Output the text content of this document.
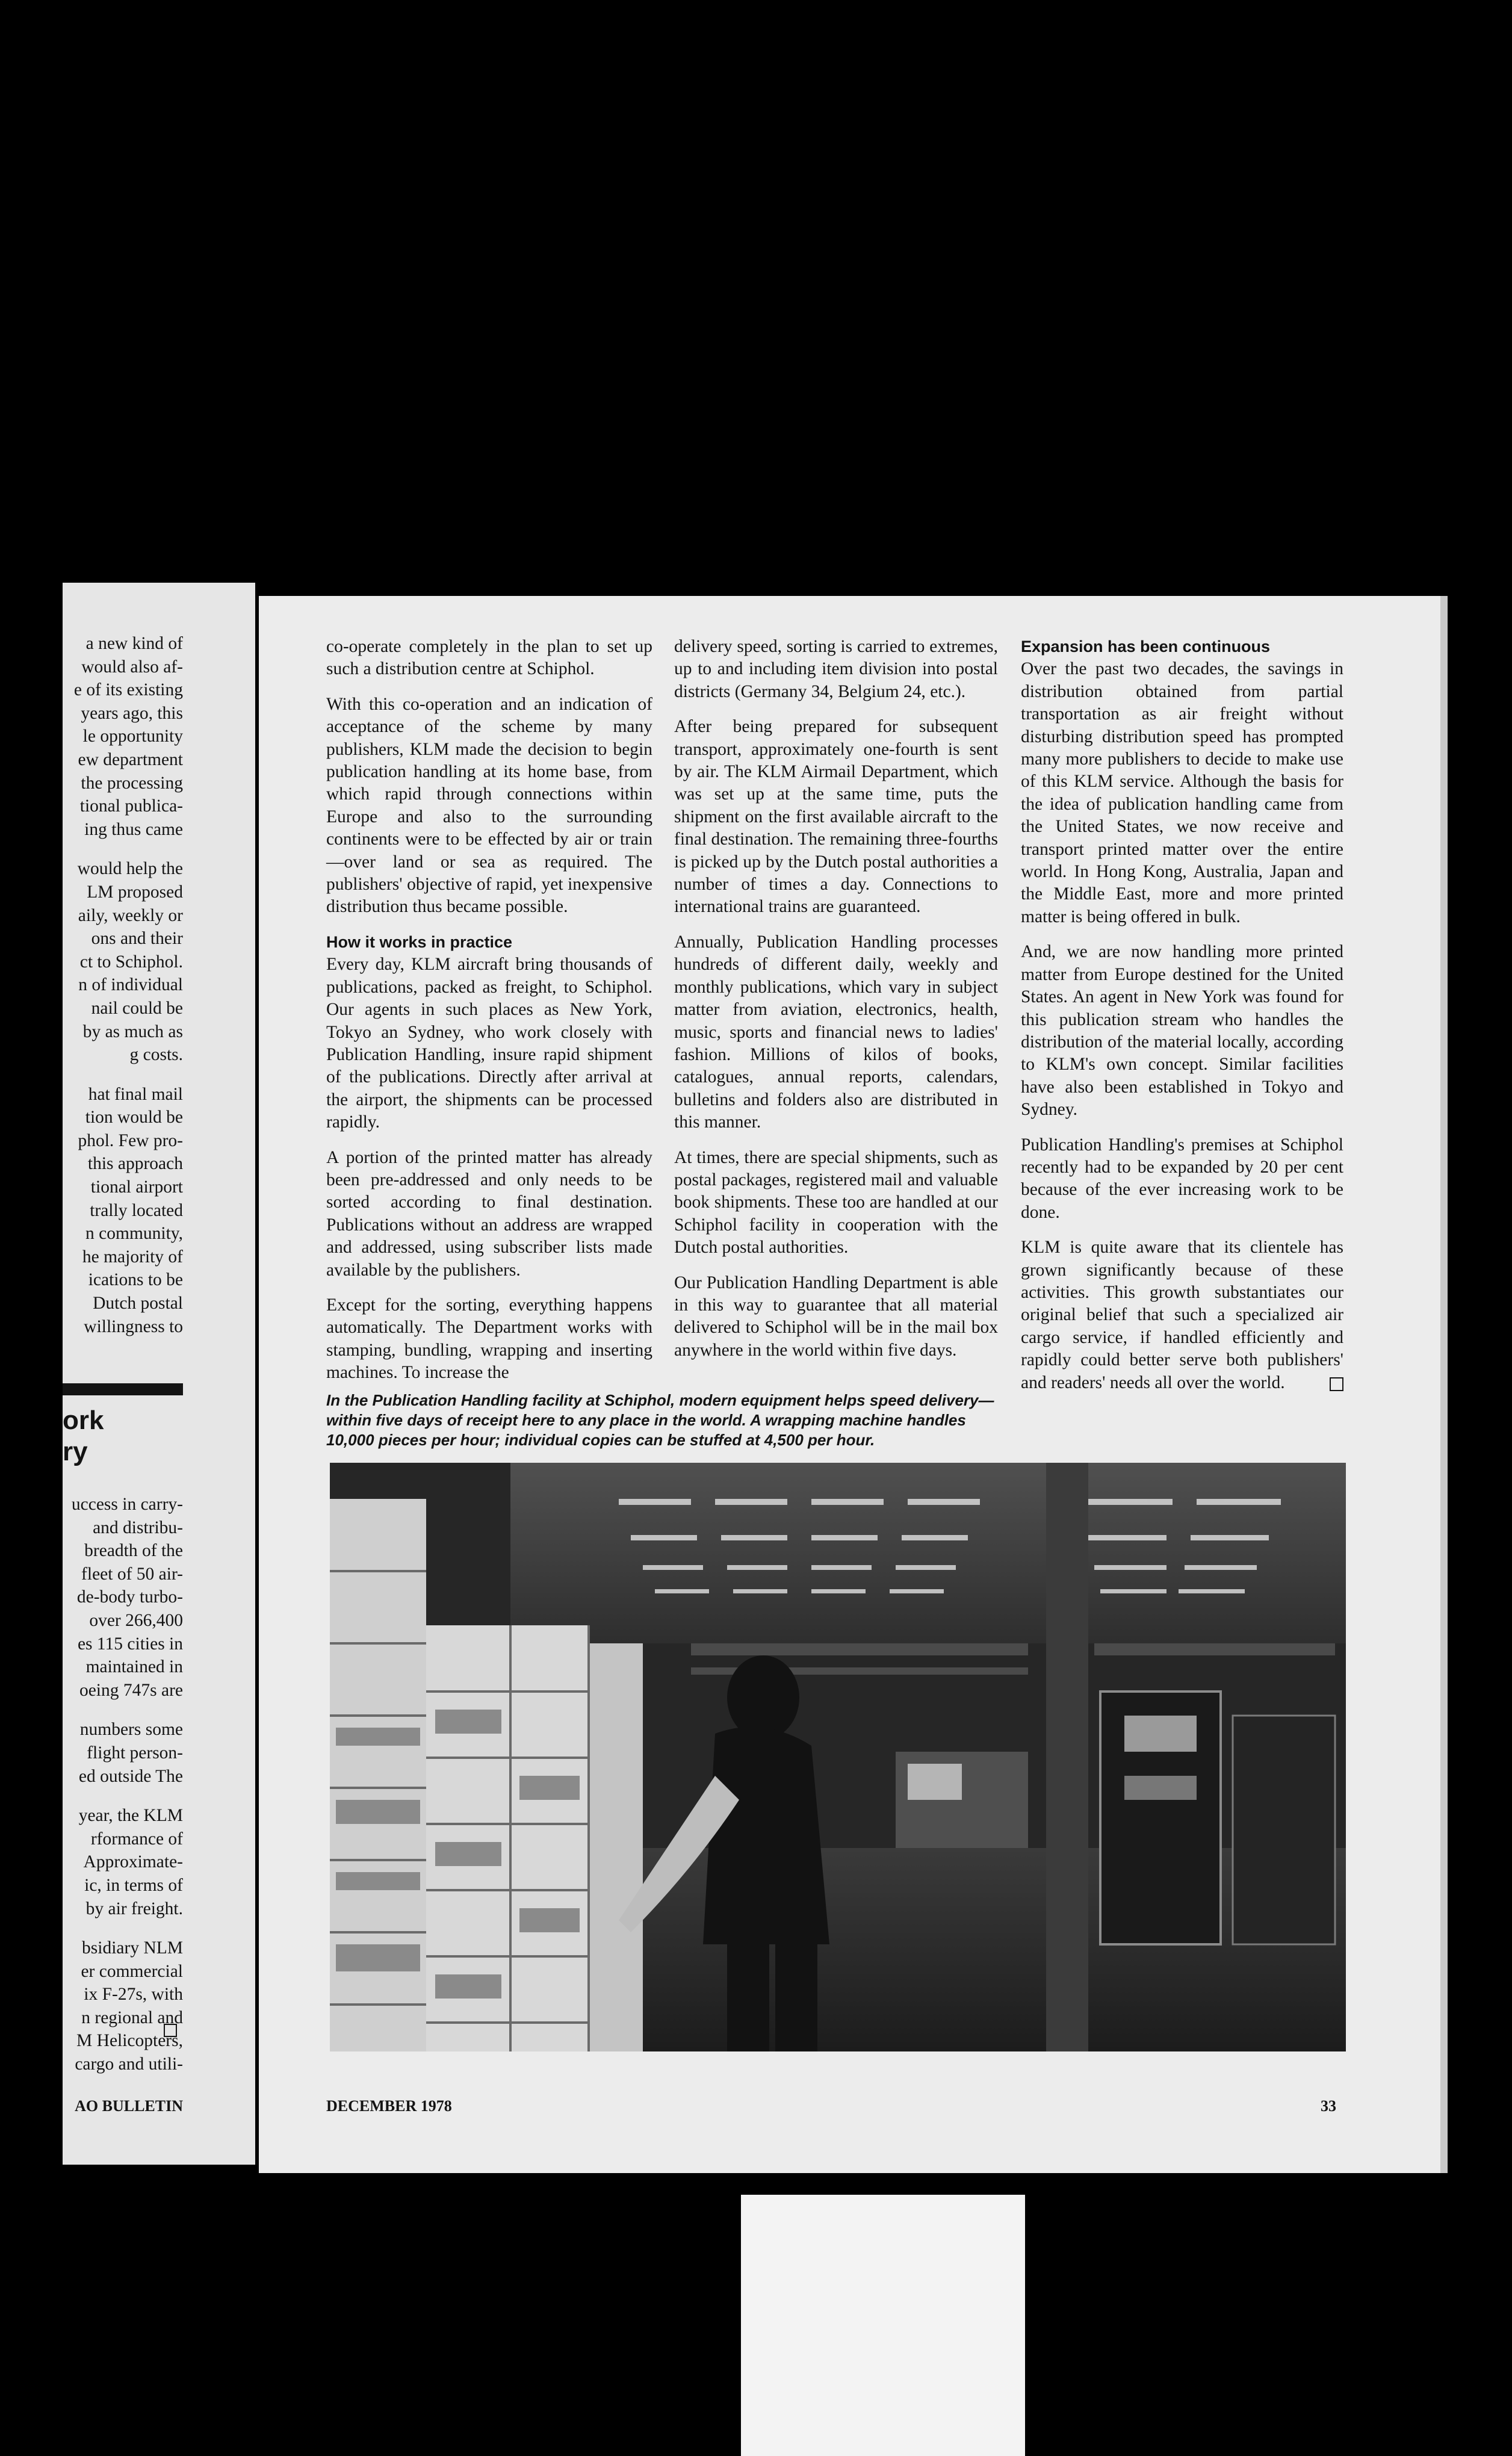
a new kind of
would also af-
e of its existing
years ago, this
le opportunity
ew department
the processing
tional publica-
ing thus came
would help the
LM proposed
aily, weekly or
ons and their
ct to Schiphol.
n of individual
nail could be
by as much as
g costs.
hat final mail
tion would be
phol. Few pro-
this approach
tional airport
trally located
n community,
he majority of
ications to be
Dutch postal
willingness to
ork
ry
uccess in carry-
and distribu-
breadth of the
fleet of 50 air-
de-body turbo-
over 266,400
es 115 cities in
maintained in
oeing 747s are
numbers some
flight person-
ed outside The
year, the KLM
rformance of
Approximate-
ic, in terms of
by air freight.
bsidiary NLM
er commercial
ix F-27s, with
n regional and
M Helicopters,
cargo and utili-
AO BULLETIN

co-operate completely in the plan to set up such a distribution centre at Schiphol.

With this co-operation and an indication of acceptance of the scheme by many publishers, KLM made the decision to begin publication handling at its home base, from which rapid through connections within Europe and also to the surrounding continents were to be effected by air or train—over land or sea as required. The publishers' objective of rapid, yet inexpensive distribution thus became possible.

How it works in practice

Every day, KLM aircraft bring thousands of publications, packed as freight, to Schiphol. Our agents in such places as New York, Tokyo an Sydney, who work closely with Publication Handling, insure rapid shipment of the publications. Directly after arrival at the airport, the shipments can be processed rapidly.

A portion of the printed matter has already been pre-addressed and only needs to be sorted according to final destination. Publications without an address are wrapped and addressed, using subscriber lists made available by the publishers.

Except for the sorting, everything happens automatically. The Department works with stamping, bundling, wrapping and inserting machines. To increase the

delivery speed, sorting is carried to extremes, up to and including item division into postal districts (Germany 34, Belgium 24, etc.).

After being prepared for subsequent transport, approximately one-fourth is sent by air. The KLM Airmail Department, which was set up at the same time, puts the shipment on the first available aircraft to the final destination. The remaining three-fourths is picked up by the Dutch postal authorities a number of times a day. Connections to international trains are guaranteed.

Annually, Publication Handling processes hundreds of different daily, weekly and monthly publications, which vary in subject matter from aviation, electronics, health, music, sports and financial news to ladies' fashion. Millions of kilos of books, catalogues, annual reports, calendars, bulletins and folders also are distributed in this manner.

At times, there are special shipments, such as postal packages, registered mail and valuable book shipments. These too are handled at our Schiphol facility in cooperation with the Dutch postal authorities.

Our Publication Handling Department is able in this way to guarantee that all material delivered to Schiphol will be in the mail box anywhere in the world within five days.

Expansion has been continuous

Over the past two decades, the savings in distribution obtained from partial transportation as air freight without disturbing distribution speed has prompted many more publishers to decide to make use of this KLM service. Although the basis for the idea of publication handling came from the United States, we now receive and transport printed matter over the entire world. In Hong Kong, Australia, Japan and the Middle East, more and more printed matter is being offered in bulk.

And, we are now handling more printed matter from Europe destined for the United States. An agent in New York was found for this publication stream who handles the distribution of the material locally, according to KLM's own concept. Similar facilities have also been established in Tokyo and Sydney.

Publication Handling's premises at Schiphol recently had to be expanded by 20 per cent because of the ever increasing work to be done.

KLM is quite aware that its clientele has grown significantly because of these activities. This growth substantiates our original belief that such a specialized air cargo service, if handled efficiently and rapidly could better serve both publishers' and readers' needs all over the world.

In the Publication Handling facility at Schiphol, modern equipment helps speed delivery—within five days of receipt here to any place in the world. A wrapping machine handles 10,000 pieces per hour; individual copies can be stuffed at 4,500 per hour.
DECEMBER 1978	33
